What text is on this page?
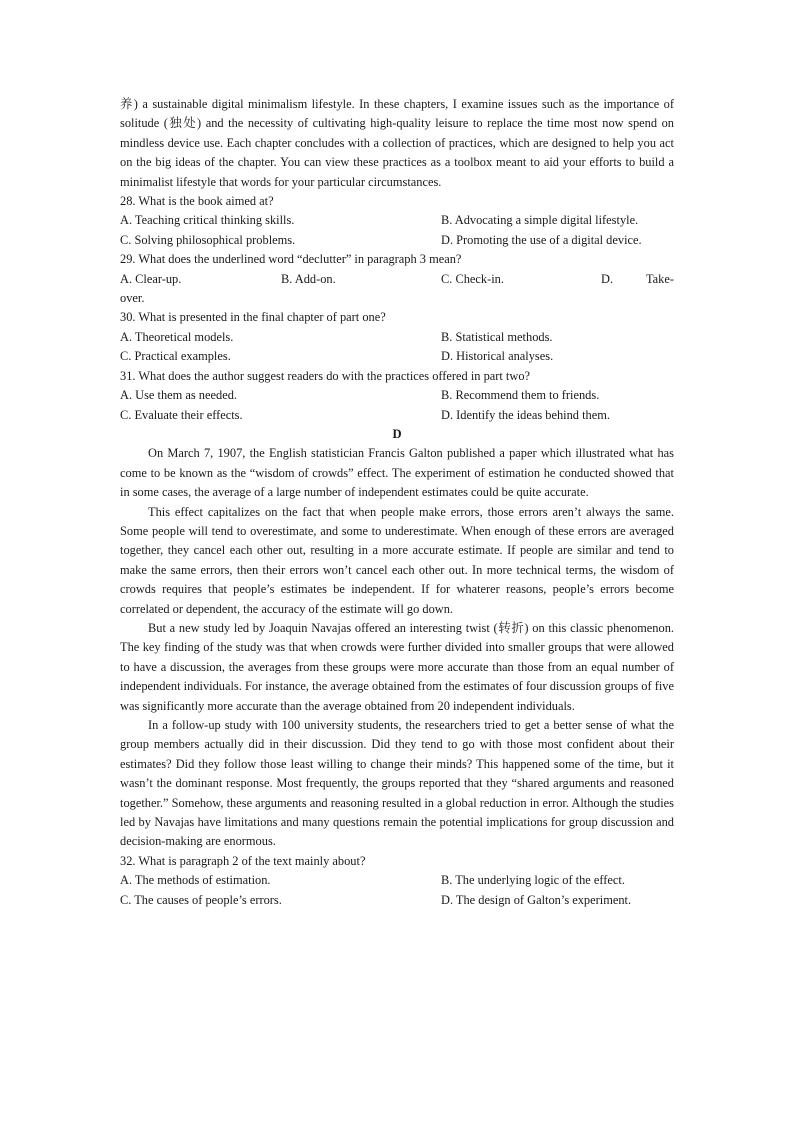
养) a sustainable digital minimalism lifestyle. In these chapters, I examine issues such as the importance of solitude (独处) and the necessity of cultivating high-quality leisure to replace the time most now spend on mindless device use. Each chapter concludes with a collection of practices, which are designed to help you act on the big ideas of the chapter. You can view these practices as a toolbox meant to aid your efforts to build a minimalist lifestyle that words for your particular circumstances.

28. What is the book aimed at?
A. Teaching critical thinking skills.	B. Advocating a simple digital lifestyle.
C. Solving philosophical problems.	D. Promoting the use of a digital device.
29. What does the underlined word “declutter” in paragraph 3 mean?
A. Clear-up.	B. Add-on.	C. Check-in.	D. Take-
over.
30. What is presented in the final chapter of part one?
A. Theoretical models.	B. Statistical methods.
C. Practical examples.	D. Historical analyses.
31. What does the author suggest readers do with the practices offered in part two?
A. Use them as needed.	B. Recommend them to friends.
C. Evaluate their effects.	D. Identify the ideas behind them.
D

On March 7, 1907, the English statistician Francis Galton published a paper which illustrated what has come to be known as the “wisdom of crowds” effect. The experiment of estimation he conducted showed that in some cases, the average of a large number of independent estimates could be quite accurate.

This effect capitalizes on the fact that when people make errors, those errors aren’t always the same. Some people will tend to overestimate, and some to underestimate. When enough of these errors are averaged together, they cancel each other out, resulting in a more accurate estimate. If people are similar and tend to make the same errors, then their errors won’t cancel each other out. In more technical terms, the wisdom of crowds requires that people’s estimates be independent. If for whaterer reasons, people’s errors become correlated or dependent, the accuracy of the estimate will go down.

But a new study led by Joaquin Navajas offered an interesting twist (转折) on this classic phenomenon. The key finding of the study was that when crowds were further divided into smaller groups that were allowed to have a discussion, the averages from these groups were more accurate than those from an equal number of independent individuals. For instance, the average obtained from the estimates of four discussion groups of five was significantly more accurate than the average obtained from 20 independent individuals.

In a follow-up study with 100 university students, the researchers tried to get a better sense of what the group members actually did in their discussion. Did they tend to go with those most confident about their estimates? Did they follow those least willing to change their minds? This happened some of the time, but it wasn’t the dominant response. Most frequently, the groups reported that they “shared arguments and reasoned together.” Somehow, these arguments and reasoning resulted in a global reduction in error. Although the studies led by Navajas have limitations and many questions remain the potential implications for group discussion and decision-making are enormous.

32. What is paragraph 2 of the text mainly about?
A. The methods of estimation.	B. The underlying logic of the effect.
C. The causes of people’s errors.	D. The design of Galton’s experiment.
